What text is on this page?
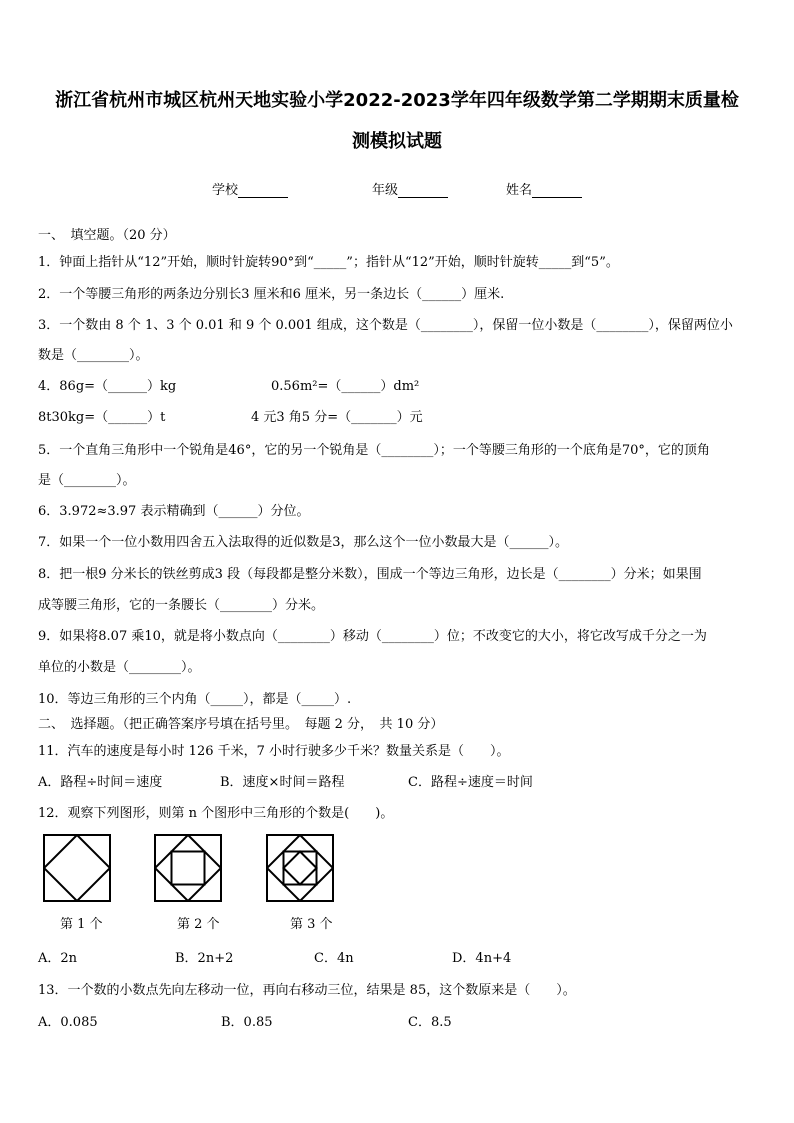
浙江省杭州市城区杭州天地实验小学2022-2023学年四年级数学第二学期期末质量检
测模拟试题
学校	年级	姓名
一、　填空题。（20 分）
1．钟面上指针从“12”开始，顺时针旋转90°到“_____”；指针从“12”开始，顺时针旋转_____到“5”。
2．一个等腰三角形的两条边分别长3 厘米和6 厘米，另一条边长（______）厘米.
3．一个数由 8 个 1、3 个 0.01 和 9 个 0.001 组成，这个数是（________），保留一位小数是（________），保留两位小
数是（________）。
4．86g=（______）kg	0.56m²=（______）dm²
8t30kg=（______）t	4 元3 角5 分=（_______）元
5．一个直角三角形中一个锐角是46°，它的另一个锐角是（________）；一个等腰三角形的一个底角是70°，它的顶角
是（________）。
6．3.972≈3.97 表示精确到（______）分位。
7．如果一个一位小数用四舍五入法取得的近似数是3，那么这个一位小数最大是（______）。
8．把一根9 分米长的铁丝剪成3 段（每段都是整分米数），围成一个等边三角形，边长是（________）分米；如果围
成等腰三角形，它的一条腰长（________）分米。
9．如果将8.07 乘10，就是将小数点向（________）移动（________）位；不改变它的大小，将它改写成千分之一为
单位的小数是（________）。
10．等边三角形的三个内角（_____），都是（_____）.
二、　选择题。（把正确答案序号填在括号里。　每题 2 分，　共 10 分）
11．汽车的速度是每小时 126 千米，7 小时行驶多少千米？数量关系是（　　）。
A．路程÷时间＝速度	B．速度×时间＝路程	C．路程÷速度＝时间
12．观察下列图形，则第 n 个图形中三角形的个数是(　　)。
第 1 个	第 2 个	第 3 个
A．2n	B．2n+2	C．4n	D．4n+4
13．一个数的小数点先向左移动一位，再向右移动三位，结果是 85，这个数原来是（　　）。
A．0.085	B．0.85	C．8.5
